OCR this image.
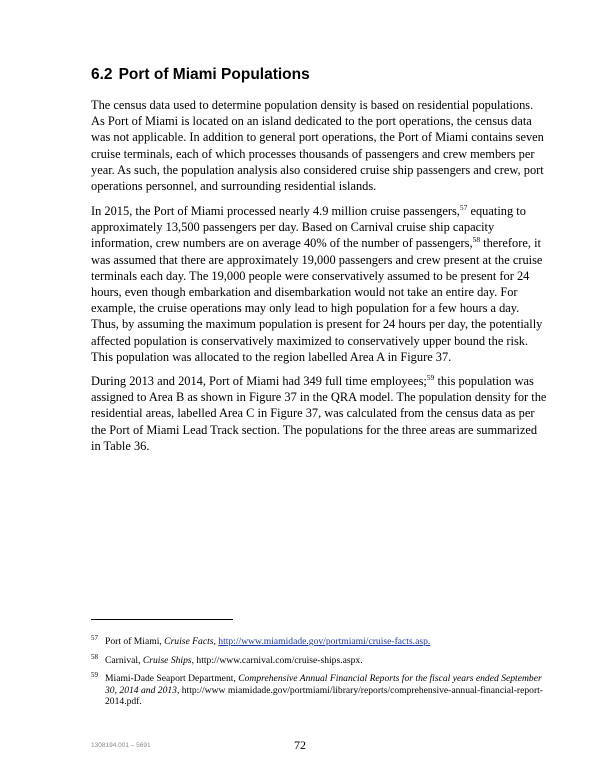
6.2 Port of Miami Populations

The census data used to determine population density is based on residential populations. As Port of Miami is located on an island dedicated to the port operations, the census data was not applicable. In addition to general port operations, the Port of Miami contains seven cruise terminals, each of which processes thousands of passengers and crew members per year. As such, the population analysis also considered cruise ship passengers and crew, port operations personnel, and surrounding residential islands.

In 2015, the Port of Miami processed nearly 4.9 million cruise passengers,$^{57}$ equating to approximately 13,500 passengers per day. Based on Carnival cruise ship capacity information, crew numbers are on average 40% of the number of passengers,$^{58}$ therefore, it was assumed that there are approximately 19,000 passengers and crew present at the cruise terminals each day. The 19,000 people were conservatively assumed to be present for 24 hours, even though embarkation and disembarkation would not take an entire day. For example, the cruise operations may only lead to high population for a few hours a day. Thus, by assuming the maximum population is present for 24 hours per day, the potentially affected population is conservatively maximized to conservatively upper bound the risk. This population was allocated to the region labelled Area A in Figure 37.

During 2013 and 2014, Port of Miami had 349 full time employees;$^{59}$ this population was assigned to Area B as shown in Figure 37 in the QRA model. The population density for the residential areas, labelled Area C in Figure 37, was calculated from the census data as per the Port of Miami Lead Track section. The populations for the three areas are summarized in Table 36.

57 Port of Miami, Cruise Facts, http://www.miamidade.gov/portmiami/cruise-facts.asp.
58 Carnival, Cruise Ships, http://www.carnival.com/cruise-ships.aspx.
59 Miami-Dade Seaport Department, Comprehensive Annual Financial Reports for the fiscal years ended September 30, 2014 and 2013, http://www miamidade.gov/portmiami/library/reports/comprehensive-annual-financial-report-2014.pdf.
1308194.001 – 5691	72
